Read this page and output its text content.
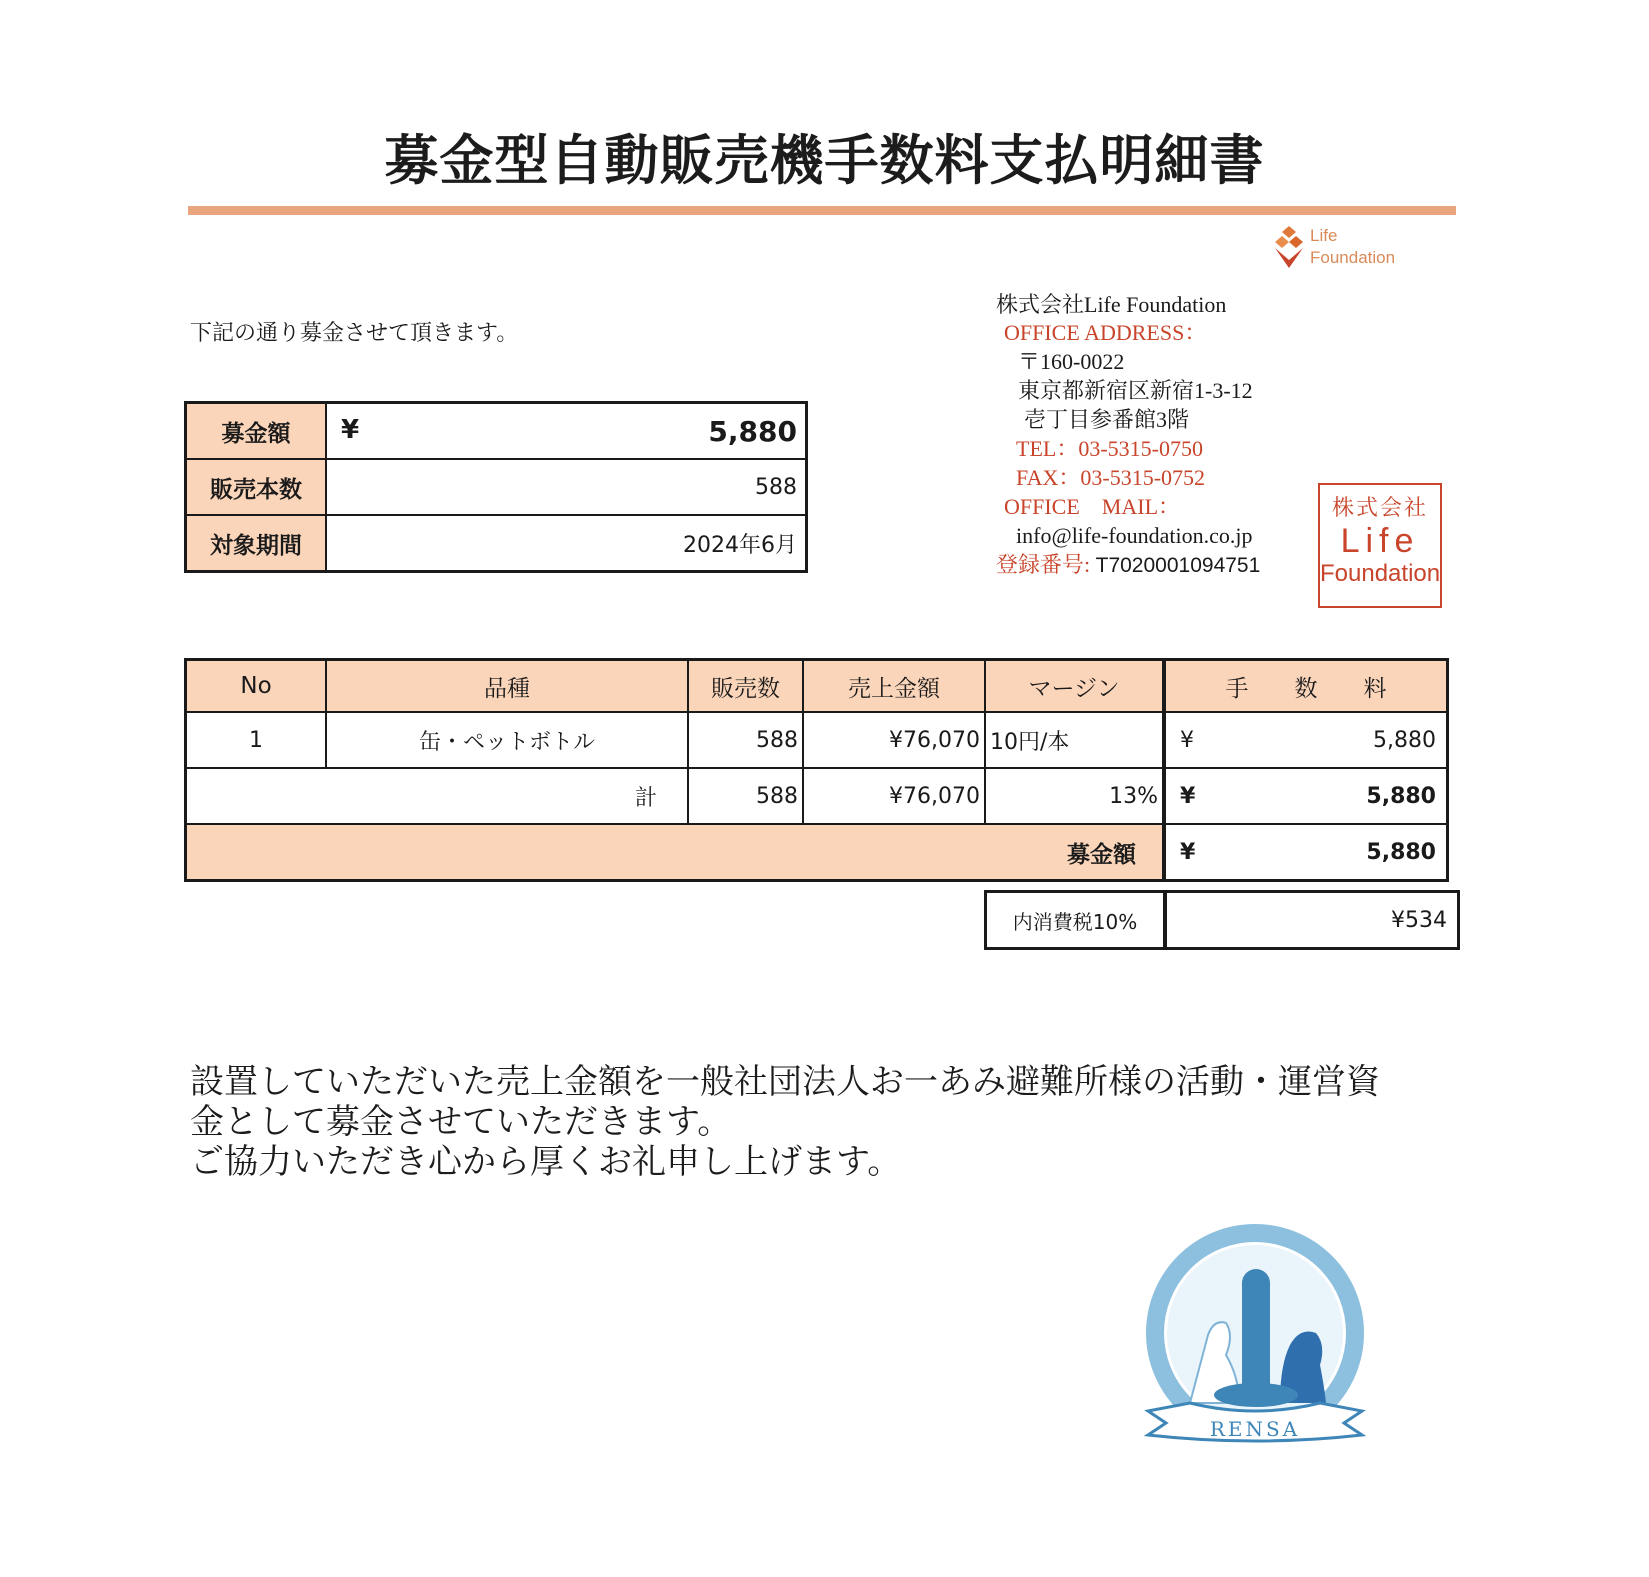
募金型自動販売機手数料支払明細書
Life
Foundation
株式会社Life Foundation
OFFICE ADDRESS：
〒160-0022
東京都新宿区新宿1-3-12
壱丁目参番館3階
TEL：03-5315-0750
FAX：03-5315-0752
OFFICE　MAIL：
info@life-foundation.co.jp
登録番号: T7020001094751
株式会社
Life
Foundation
下記の通り募金させて頂きます。
募金額	¥ 5,880
販売本数	588
対象期間	2024年6月
No	品種	販売数	売上金額	マージン	手　　数　　料
1	缶・ペットボトル	588	¥76,070	10円/本	¥ 5,880
計		588	¥76,070	13%	¥ 5,880
募金額					¥ 5,880
内消費税10%	¥534
設置していただいた売上金額を一般社団法人お一あみ避難所様の活動・運営資
金として募金させていただきます。
ご協力いただき心から厚くお礼申し上げます。
RENSA
